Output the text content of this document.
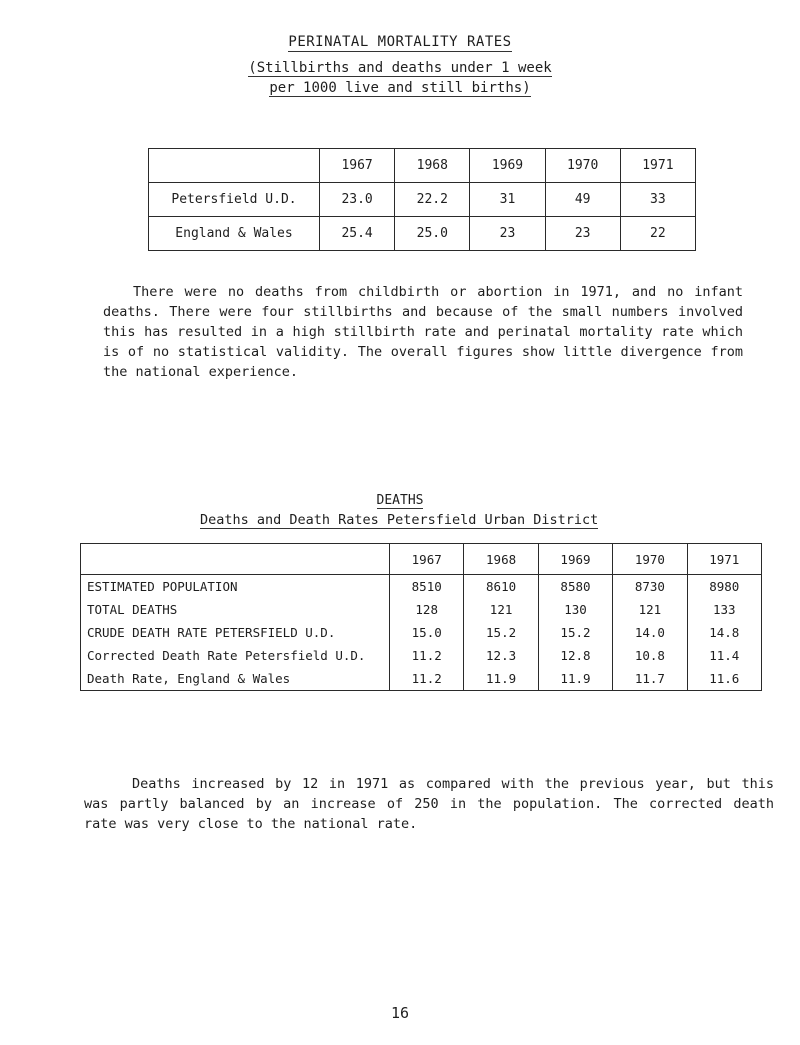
PERINATAL MORTALITY RATES
(Stillbirths and deaths under 1 week
per 1000 live and still births)
	1967	1968	1969	1970	1971
Petersfield U.D.	23.0	22.2	31	49	33
England & Wales	25.4	25.0	23	23	22
There were no deaths from childbirth or abortion in 1971, and no infant deaths. There were four stillbirths and because of the small numbers involved this has resulted in a high stillbirth rate and perinatal mortality rate which is of no statistical validity. The overall figures show little divergence from the national experience.
DEATHS
Deaths and Death Rates Petersfield Urban District
	1967	1968	1969	1970	1971
ESTIMATED POPULATION	8510	8610	8580	8730	8980
TOTAL DEATHS	128	121	130	121	133
CRUDE DEATH RATE PETERSFIELD U.D.	15.0	15.2	15.2	14.0	14.8
Corrected Death Rate Petersfield U.D.	11.2	12.3	12.8	10.8	11.4
Death Rate, England & Wales	11.2	11.9	11.9	11.7	11.6
Deaths increased by 12 in 1971 as compared with the previous year, but this was partly balanced by an increase of 250 in the population. The corrected death rate was very close to the national rate.
16
